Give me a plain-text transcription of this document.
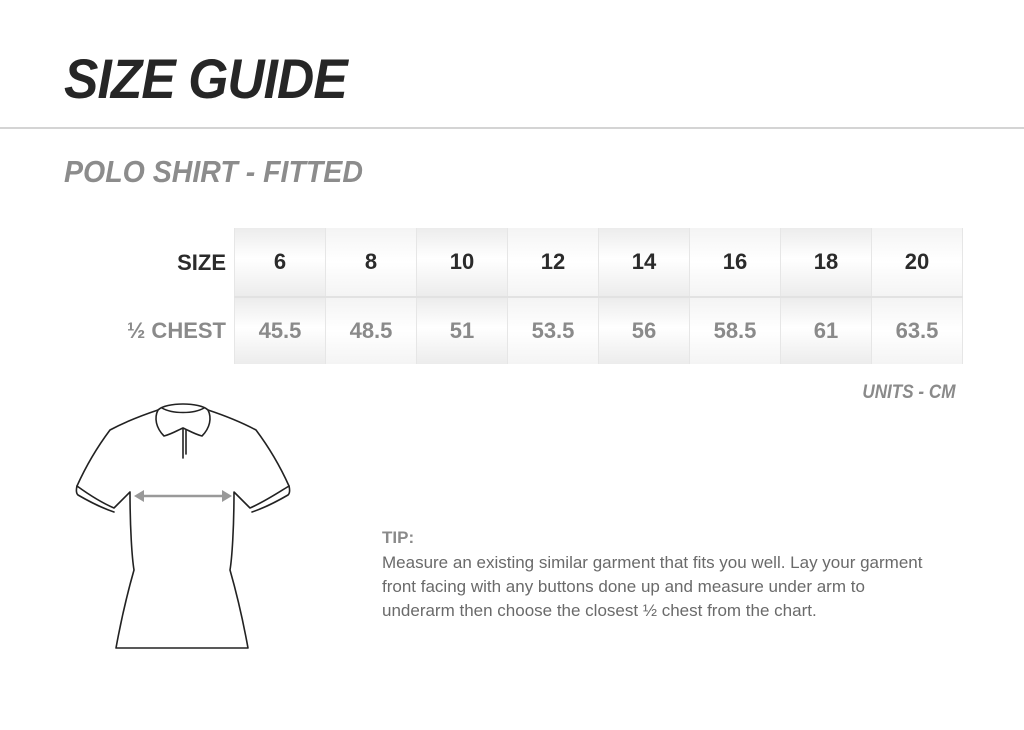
SIZE GUIDE
POLO SHIRT - FITTED
SIZE	6	8	10	12	14	16	18	20
½ CHEST	45.5	48.5	51	53.5	56	58.5	61	63.5
UNITS - CM
TIP:
Measure an existing similar garment that fits you well. Lay your garment front facing with any buttons done up and measure under arm to underarm then choose the closest ½ chest from the chart.
